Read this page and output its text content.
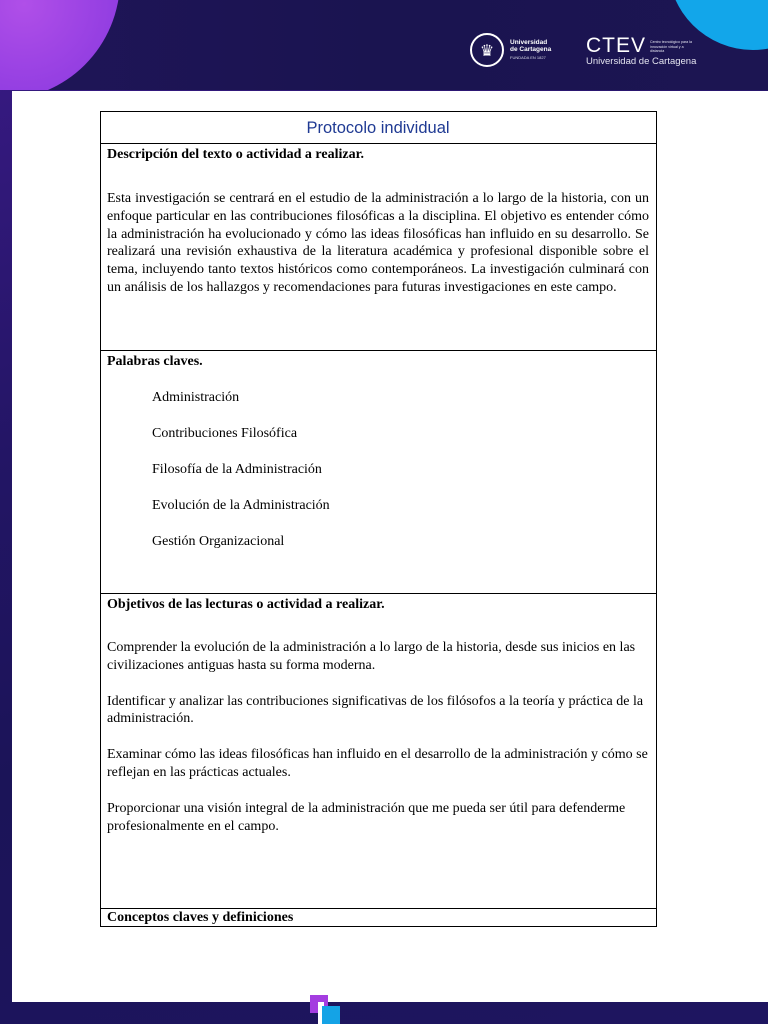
♛	Universidad
de Cartagena
FUNDADA EN 1827
CTEV Centro tecnológico para la innovación virtual y a distancia
Universidad de Cartagena
Protocolo individual
Descripción del texto o actividad a realizar.

Esta investigación se centrará en el estudio de la administración a lo largo de la historia, con un enfoque particular en las contribuciones filosóficas a la disciplina. El objetivo es entender cómo la administración ha evolucionado y cómo las ideas filosóficas han influido en su desarrollo. Se realizará una revisión exhaustiva de la literatura académica y profesional disponible sobre el tema, incluyendo tanto textos históricos como contemporáneos. La investigación culminará con un análisis de los hallazgos y recomendaciones para futuras investigaciones en este campo.

Palabras claves.
Administración
Contribuciones Filosófica
Filosofía de la Administración
Evolución de la Administración
Gestión Organizacional
Objetivos de las lecturas o actividad a realizar.

Comprender la evolución de la administración a lo largo de la historia, desde sus inicios en las civilizaciones antiguas hasta su forma moderna.

Identificar y analizar las contribuciones significativas de los filósofos a la teoría y práctica de la administración.

Examinar cómo las ideas filosóficas han influido en el desarrollo de la administración y cómo se reflejan en las prácticas actuales.

Proporcionar una visión integral de la administración que me pueda ser útil para defenderme profesionalmente en el campo.

Conceptos claves y definiciones
